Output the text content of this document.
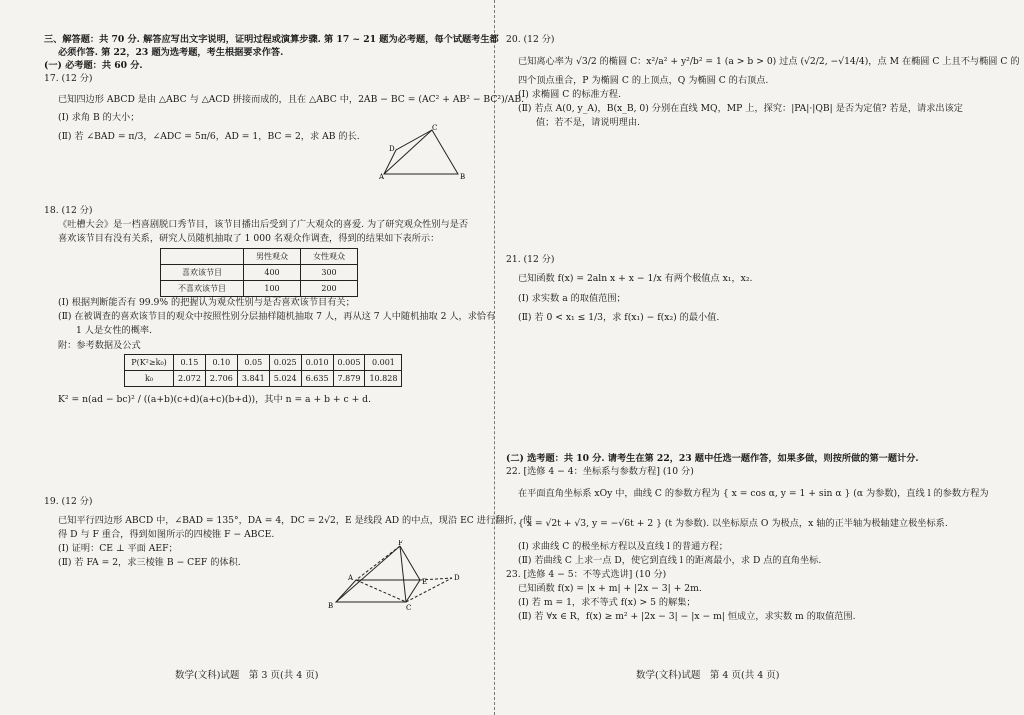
三、解答题：共 70 分. 解答应写出文字说明，证明过程或演算步骤. 第 17 ~ 21 题为必考题，每个试题考生都
必须作答. 第 22，23 题为选考题，考生根据要求作答.
(一) 必考题：共 60 分.
17. (12 分)
已知四边形 ABCD 是由 △ABC 与 △ACD 拼接而成的，且在 △ABC 中，2AB − BC = (AC² + AB² − BC²)/AB.
(Ⅰ) 求角 B 的大小；
(Ⅱ) 若 ∠BAD = π/3，∠ADC = 5π/6，AD = 1，BC = 2，求 AB 的长.
A	B
C
D
18. (12 分)
《吐槽大会》是一档喜剧脱口秀节目，该节目播出后受到了广大观众的喜爱. 为了研究观众性别与是否
喜欢该节目有没有关系，研究人员随机抽取了 1 000 名观众作调查，得到的结果如下表所示：
	男性观众	女性观众
喜欢该节目	400	300
不喜欢该节目	100	200
(Ⅰ) 根据判断能否有 99.9% 的把握认为观众性别与是否喜欢该节目有关；
(Ⅱ) 在被调查的喜欢该节目的观众中按照性别分层抽样随机抽取 7 人，再从这 7 人中随机抽取 2 人，求恰有
1 人是女性的概率.
附：参考数据及公式
P(K²≥k₀)	0.15	0.10	0.05	0.025	0.010	0.005	0.001
k₀	2.072	2.706	3.841	5.024	6.635	7.879	10.828
K² = n(ad − bc)² / ((a+b)(c+d)(a+c)(b+d))，其中 n = a + b + c + d.
19. (12 分)
已知平行四边形 ABCD 中，∠BAD = 135°，DA = 4，DC = 2√2，E 是线段 AD 的中点，现沿 EC 进行翻折，使
得 D 与 F 重合，得到如图所示的四棱锥 F − ABCE.
(Ⅰ) 证明：CE ⊥ 平面 AEF；
(Ⅱ) 若 FA = 2，求三棱锥 B − CEF 的体积.
F
A	E	D
B	C
数学(文科)试题　第 3 页(共 4 页)
20. (12 分)
已知离心率为 √3/2 的椭圆 C：x²/a² + y²/b² = 1 (a > b > 0) 过点 (√2/2, −√14/4)，点 M 在椭圆 C 上且不与椭圆 C 的
四个顶点重合，P 为椭圆 C 的上顶点，Q 为椭圆 C 的右顶点.
(Ⅰ) 求椭圆 C 的标准方程.
(Ⅱ) 若点 A(0, y_A)，B(x_B, 0) 分别在直线 MQ，MP 上，探究：|PA|·|QB| 是否为定值? 若是，请求出该定
值；若不是，请说明理由.
21. (12 分)
已知函数 f(x) = 2aln x + x − 1/x 有两个极值点 x₁，x₂.
(Ⅰ) 求实数 a 的取值范围；
(Ⅱ) 若 0 < x₁ ≤ 1/3，求 f(x₁) − f(x₂) 的最小值.
(二) 选考题：共 10 分. 请考生在第 22，23 题中任选一题作答，如果多做，则按所做的第一题计分.
22. [选修 4 − 4：坐标系与参数方程] (10 分)
在平面直角坐标系 xOy 中，曲线 C 的参数方程为 { x = cos α, y = 1 + sin α } (α 为参数)，直线 l 的参数方程为
{ x = √2t + √3, y = −√6t + 2 } (t 为参数). 以坐标原点 O 为极点，x 轴的正半轴为极轴建立极坐标系.
(Ⅰ) 求曲线 C 的极坐标方程以及直线 l 的普通方程；
(Ⅱ) 若曲线 C 上求一点 D，使它到直线 l 的距离最小，求 D 点的直角坐标.
23. [选修 4 − 5：不等式选讲] (10 分)
已知函数 f(x) = |x + m| + |2x − 3| + 2m.
(Ⅰ) 若 m = 1，求不等式 f(x) > 5 的解集；
(Ⅱ) 若 ∀x ∈ R，f(x) ≥ m² + |2x − 3| − |x − m| 恒成立，求实数 m 的取值范围.
数学(文科)试题　第 4 页(共 4 页)
